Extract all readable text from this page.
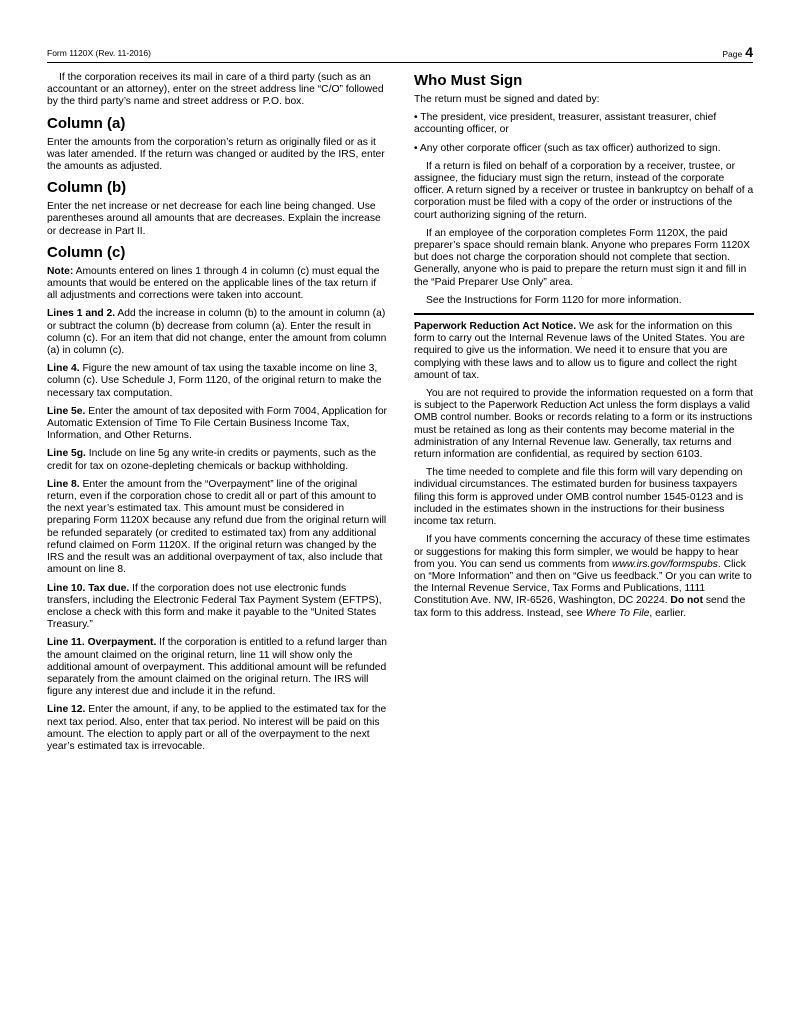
Form 1120X (Rev. 11-2016)	Page 4

If the corporation receives its mail in care of a third party (such as an accountant or an attorney), enter on the street address line “C/O” followed by the third party’s name and street address or P.O. box.

Column (a)

Enter the amounts from the corporation’s return as originally filed or as it was later amended. If the return was changed or audited by the IRS, enter the amounts as adjusted.

Column (b)

Enter the net increase or net decrease for each line being changed. Use parentheses around all amounts that are decreases. Explain the increase or decrease in Part II.

Column (c)

Note: Amounts entered on lines 1 through 4 in column (c) must equal the amounts that would be entered on the applicable lines of the tax return if all adjustments and corrections were taken into account.

Lines 1 and 2. Add the increase in column (b) to the amount in column (a) or subtract the column (b) decrease from column (a). Enter the result in column (c). For an item that did not change, enter the amount from column (a) in column (c).

Line 4. Figure the new amount of tax using the taxable income on line 3, column (c). Use Schedule J, Form 1120, of the original return to make the necessary tax computation.

Line 5e. Enter the amount of tax deposited with Form 7004, Application for Automatic Extension of Time To File Certain Business Income Tax, Information, and Other Returns.

Line 5g. Include on line 5g any write-in credits or payments, such as the credit for tax on ozone-depleting chemicals or backup withholding.

Line 8. Enter the amount from the “Overpayment” line of the original return, even if the corporation chose to credit all or part of this amount to the next year’s estimated tax. This amount must be considered in preparing Form 1120X because any refund due from the original return will be refunded separately (or credited to estimated tax) from any additional refund claimed on Form 1120X. If the original return was changed by the IRS and the result was an additional overpayment of tax, also include that amount on line 8.

Line 10. Tax due. If the corporation does not use electronic funds transfers, including the Electronic Federal Tax Payment System (EFTPS), enclose a check with this form and make it payable to the “United States Treasury.”

Line 11. Overpayment. If the corporation is entitled to a refund larger than the amount claimed on the original return, line 11 will show only the additional amount of overpayment. This additional amount will be refunded separately from the amount claimed on the original return. The IRS will figure any interest due and include it in the refund.

Line 12. Enter the amount, if any, to be applied to the estimated tax for the next tax period. Also, enter that tax period. No interest will be paid on this amount. The election to apply part or all of the overpayment to the next year’s estimated tax is irrevocable.

Who Must Sign

The return must be signed and dated by:

• The president, vice president, treasurer, assistant treasurer, chief accounting officer, or
• Any other corporate officer (such as tax officer) authorized to sign.

If a return is filed on behalf of a corporation by a receiver, trustee, or assignee, the fiduciary must sign the return, instead of the corporate officer. A return signed by a receiver or trustee in bankruptcy on behalf of a corporation must be filed with a copy of the order or instructions of the court authorizing signing of the return.

If an employee of the corporation completes Form 1120X, the paid preparer’s space should remain blank. Anyone who prepares Form 1120X but does not charge the corporation should not complete that section. Generally, anyone who is paid to prepare the return must sign it and fill in the “Paid Preparer Use Only” area.

See the Instructions for Form 1120 for more information.

Paperwork Reduction Act Notice. We ask for the information on this form to carry out the Internal Revenue laws of the United States. You are required to give us the information. We need it to ensure that you are complying with these laws and to allow us to figure and collect the right amount of tax.

You are not required to provide the information requested on a form that is subject to the Paperwork Reduction Act unless the form displays a valid OMB control number. Books or records relating to a form or its instructions must be retained as long as their contents may become material in the administration of any Internal Revenue law. Generally, tax returns and return information are confidential, as required by section 6103.

The time needed to complete and file this form will vary depending on individual circumstances. The estimated burden for business taxpayers filing this form is approved under OMB control number 1545-0123 and is included in the estimates shown in the instructions for their business income tax return.

If you have comments concerning the accuracy of these time estimates or suggestions for making this form simpler, we would be happy to hear from you. You can send us comments from www.irs.gov/formspubs. Click on “More Information” and then on “Give us feedback.” Or you can write to the Internal Revenue Service, Tax Forms and Publications, 1111 Constitution Ave. NW, IR-6526, Washington, DC 20224. Do not send the tax form to this address. Instead, see Where To File, earlier.
